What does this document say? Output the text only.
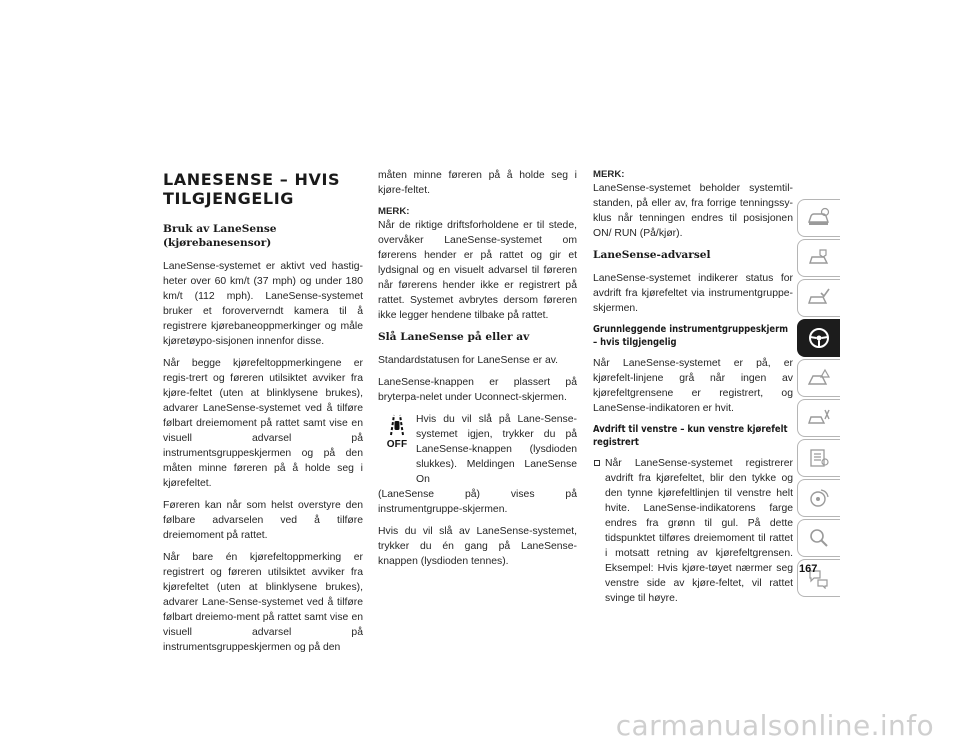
LANESENSE – HVIS TILGJENGELIG
Bruk av LaneSense (kjørebanesensor)

LaneSense-systemet er aktivt ved hastig-heter over 60 km/t (37 mph) og under 180 km/t (112 mph). LaneSense-systemet bruker et foroververndt kamera til å registrere kjørebaneoppmerkinger og måle kjøretøypo-sisjonen innenfor disse.

Når begge kjørefeltoppmerkingene er regis-trert og føreren utilsiktet avviker fra kjøre-feltet (uten at blinklysene brukes), advarer LaneSense-systemet ved å tilføre følbart dreiemoment på rattet samt vise en visuell advarsel på instrumentsgruppeskjermen og på den måten minne føreren på å holde seg i kjørefeltet.

Føreren kan når som helst overstyre den følbare advarselen ved å tilføre dreiemoment på rattet.

Når bare én kjørefeltoppmerking er registrert og føreren utilsiktet avviker fra kjørefeltet (uten at blinklysene brukes), advarer Lane-Sense-systemet ved å tilføre følbart dreiemo-ment på rattet samt vise en visuell advarsel på instrumentsgruppeskjermen og på den

måten minne føreren på å holde seg i kjøre-feltet.

MERK:
Når de riktige driftsforholdene er til stede, overvåker LaneSense-systemet om førerens hender er på rattet og gir et lydsignal og en visuelt advarsel til føreren når førerens hender ikke er registrert på rattet. Systemet avbrytes dersom føreren ikke legger hendene tilbake på rattet.

Slå LaneSense på eller av

Standardstatusen for LaneSense er av.

LaneSense-knappen er plassert på bryterpa-nelet under Uconnect-skjermen.

OFF
Hvis du vil slå på Lane-Sense-systemet igjen, trykker du på LaneSense-knappen (lysdioden slukkes). Meldingen LaneSense On

(LaneSense på) vises på instrumentgruppe-skjermen.

Hvis du vil slå av LaneSense-systemet, trykker du én gang på LaneSense-knappen (lysdioden tennes).

MERK:
LaneSense-systemet beholder systemtil-standen, på eller av, fra forrige tenningssy-klus når tenningen endres til posisjonen ON/ RUN (På/kjør).

LaneSense-advarsel

LaneSense-systemet indikerer status for avdrift fra kjørefeltet via instrumentgruppe-skjermen.

Grunnleggende instrumentgruppeskjerm – hvis tilgjengelig

Når LaneSense-systemet er på, er kjørefelt-linjene grå når ingen av kjørefeltgrensene er registrert, og LaneSense-indikatoren er hvit.

Avdrift til venstre – kun venstre kjørefelt registrert

Når LaneSense-systemet registrerer avdrift fra kjørefeltet, blir den tykke og den tynne kjørefeltlinjen til venstre helt hvite. LaneSense-indikatorens farge endres fra grønn til gul. På dette tidspunktet tilføres dreiemoment til rattet i motsatt retning av kjørefeltgrensen. Eksempel: Hvis kjøre-tøyet nærmer seg venstre side av kjøre-feltet, vil rattet svinge til høyre.

167
carmanualsonline.info
